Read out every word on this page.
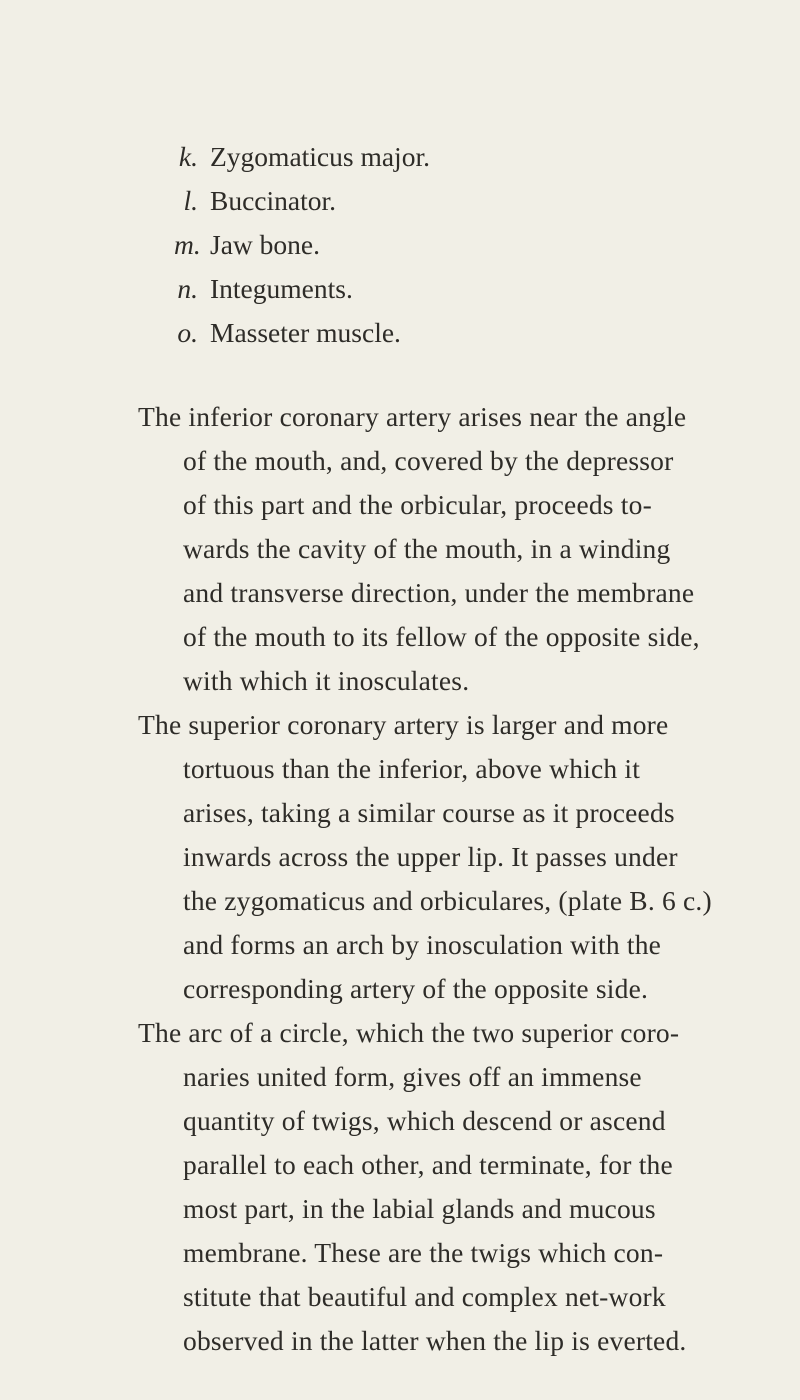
k. Zygomaticus major.
l. Buccinator.
m. Jaw bone.
n. Integuments.
o. Masseter muscle.
The inferior coronary artery arises near the angle
of the mouth, and, covered by the depressor
of this part and the orbicular, proceeds to-
wards the cavity of the mouth, in a winding
and transverse direction, under the membrane
of the mouth to its fellow of the opposite side,
with which it inosculates.
The superior coronary artery is larger and more
tortuous than the inferior, above which it
arises, taking a similar course as it proceeds
inwards across the upper lip. It passes under
the zygomaticus and orbiculares, (plate B. 6 c.)
and forms an arch by inosculation with the
corresponding artery of the opposite side.
The arc of a circle, which the two superior coro-
naries united form, gives off an immense
quantity of twigs, which descend or ascend
parallel to each other, and terminate, for the
most part, in the labial glands and mucous
membrane. These are the twigs which con-
stitute that beautiful and complex net-work
observed in the latter when the lip is everted.
